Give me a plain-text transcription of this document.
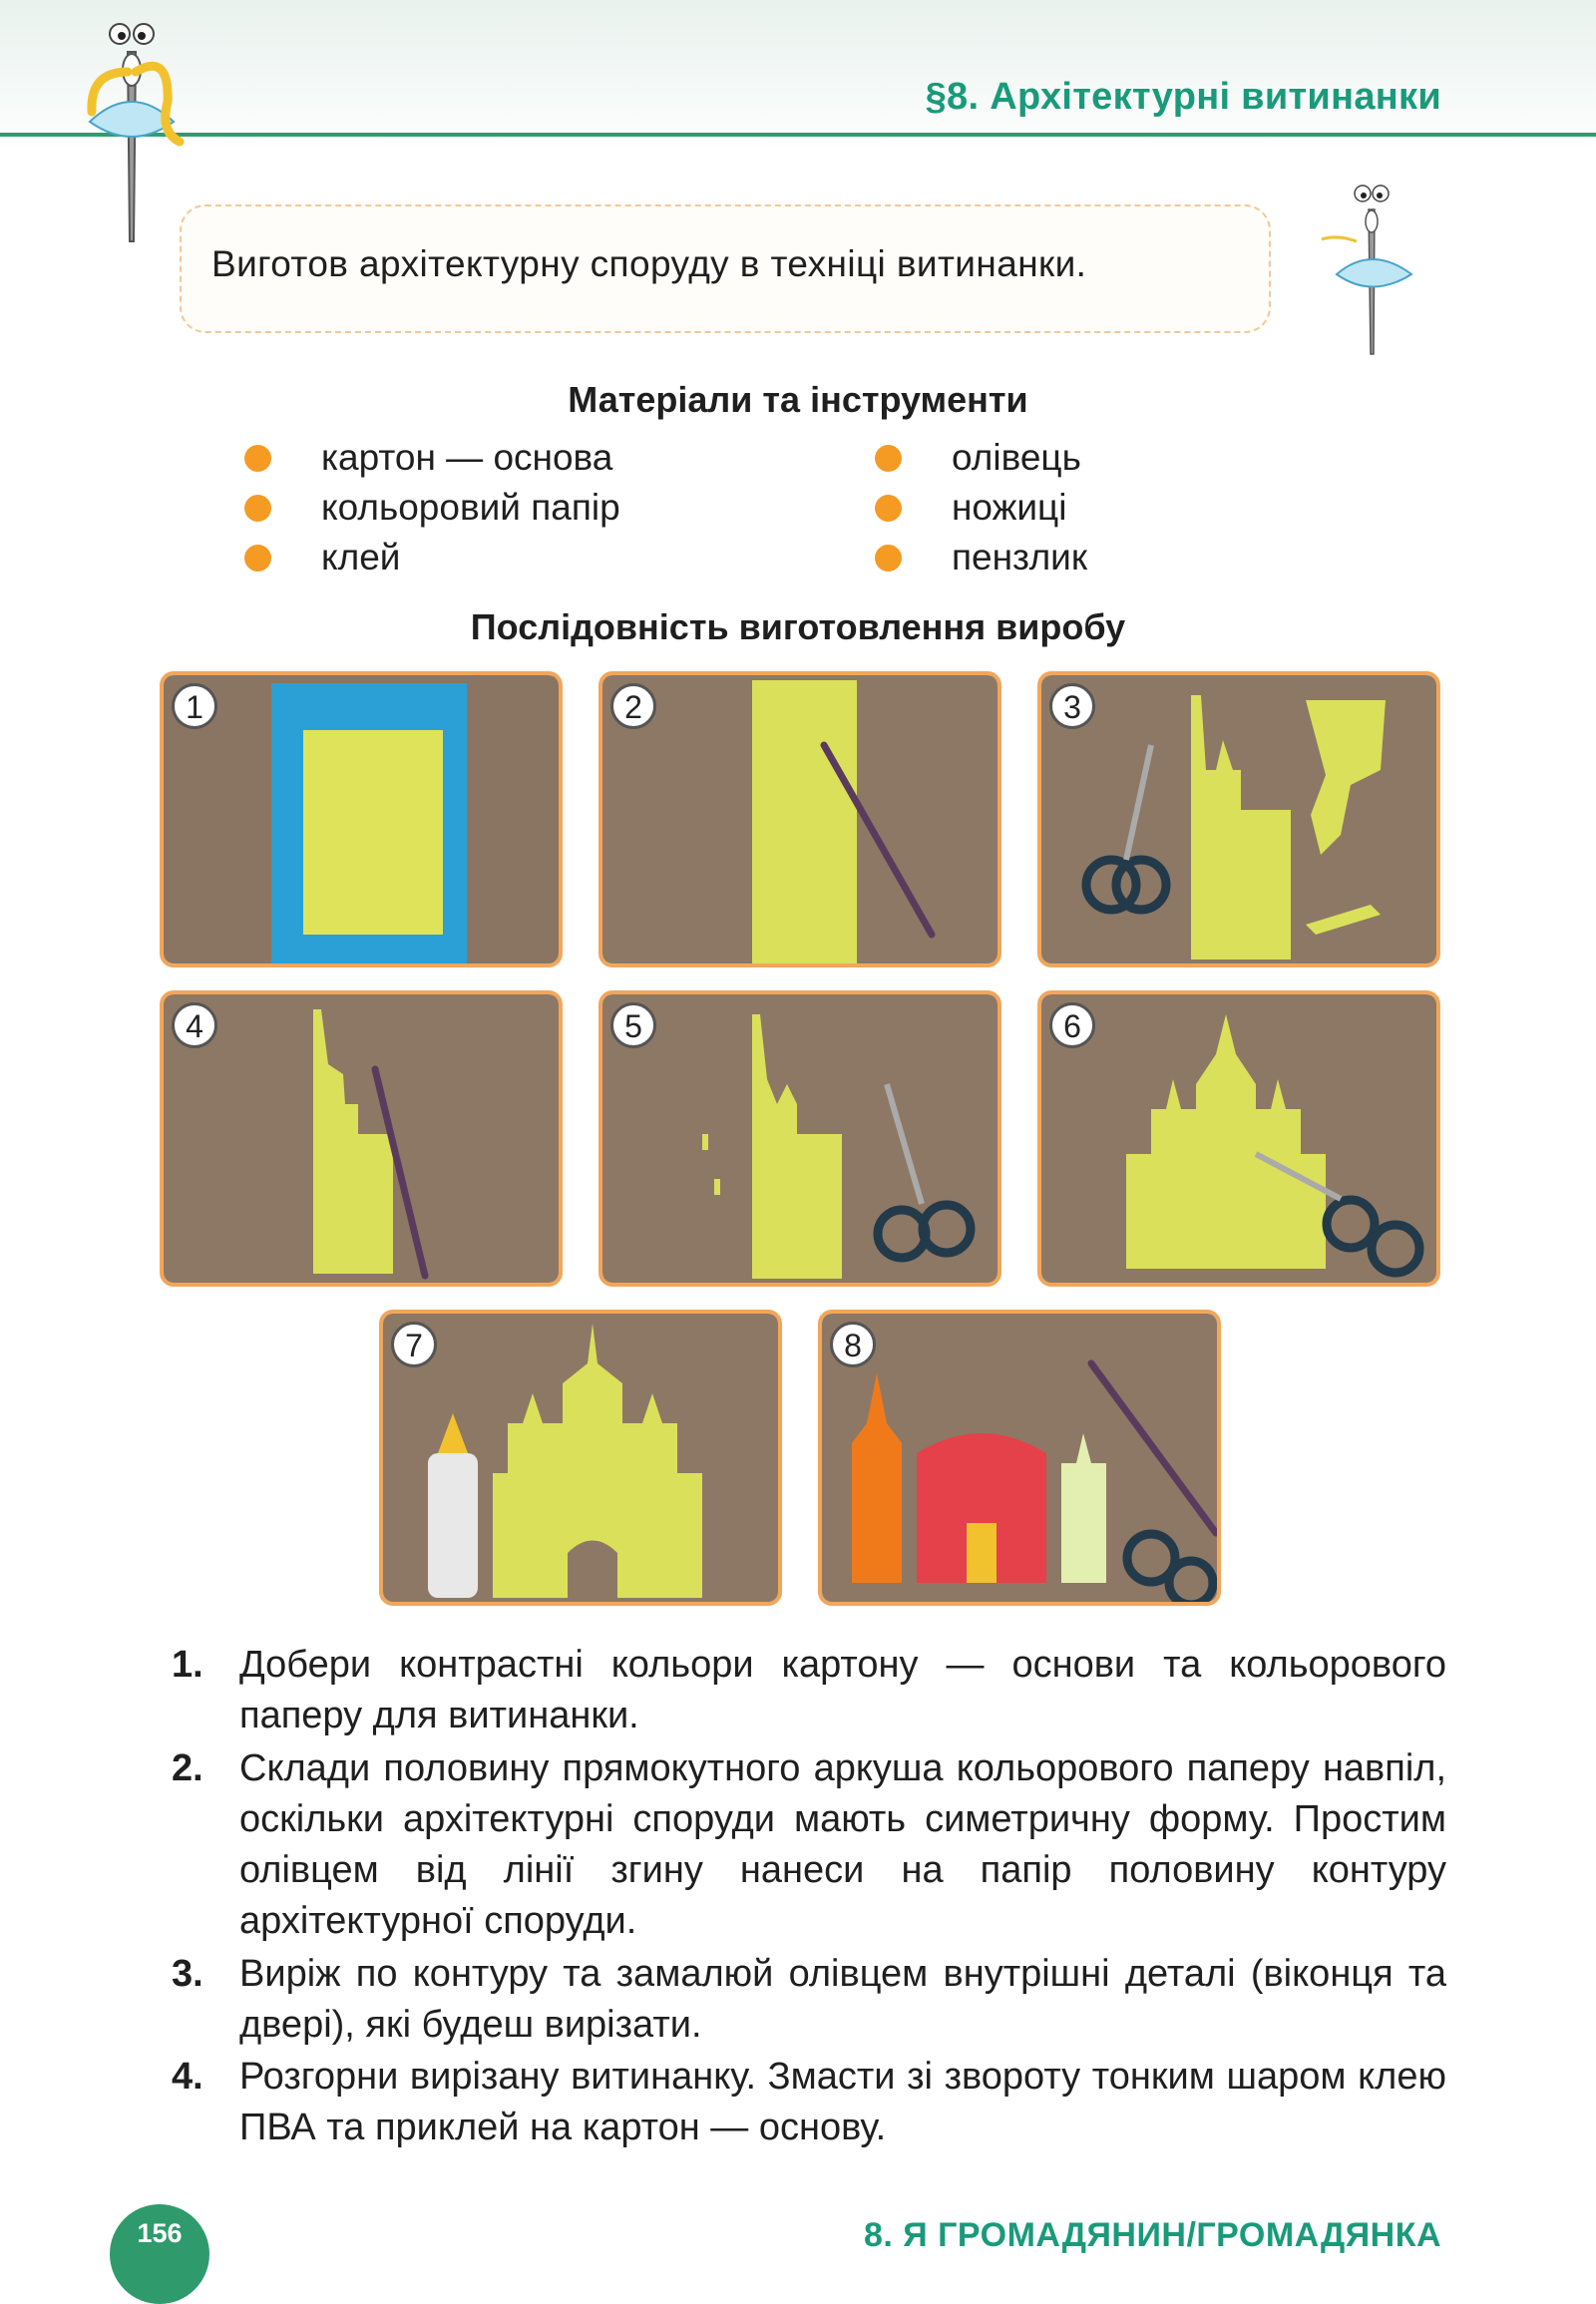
§8. Архітектурні витинанки
Виготов архітектурну споруду в техніці витинанки.
Матеріали та інструменти
картон — основа
кольоровий папір
клей
олівець
ножиці
пензлик
Послідовність виготовлення виробу
1	2	3
4	5	6
7	8
1. Добери контрастні кольори картону — основи та кольорового паперу для витинанки.
2. Склади половину прямокутного аркуша кольорового паперу навпіл, оскільки архітектурні споруди мають симетричну форму. Простим олівцем від лінії згину нанеси на папір половину контуру архітектурної споруди.
3. Виріж по контуру та замалюй олівцем внутрішні деталі (віконця та двері), які будеш вирізати.
4. Розгорни вирізану витинанку. Змасти зі звороту тонким шаром клею ПВА та приклей на картон — основу.
156	8. Я ГРОМАДЯНИН/ГРОМАДЯНКА
